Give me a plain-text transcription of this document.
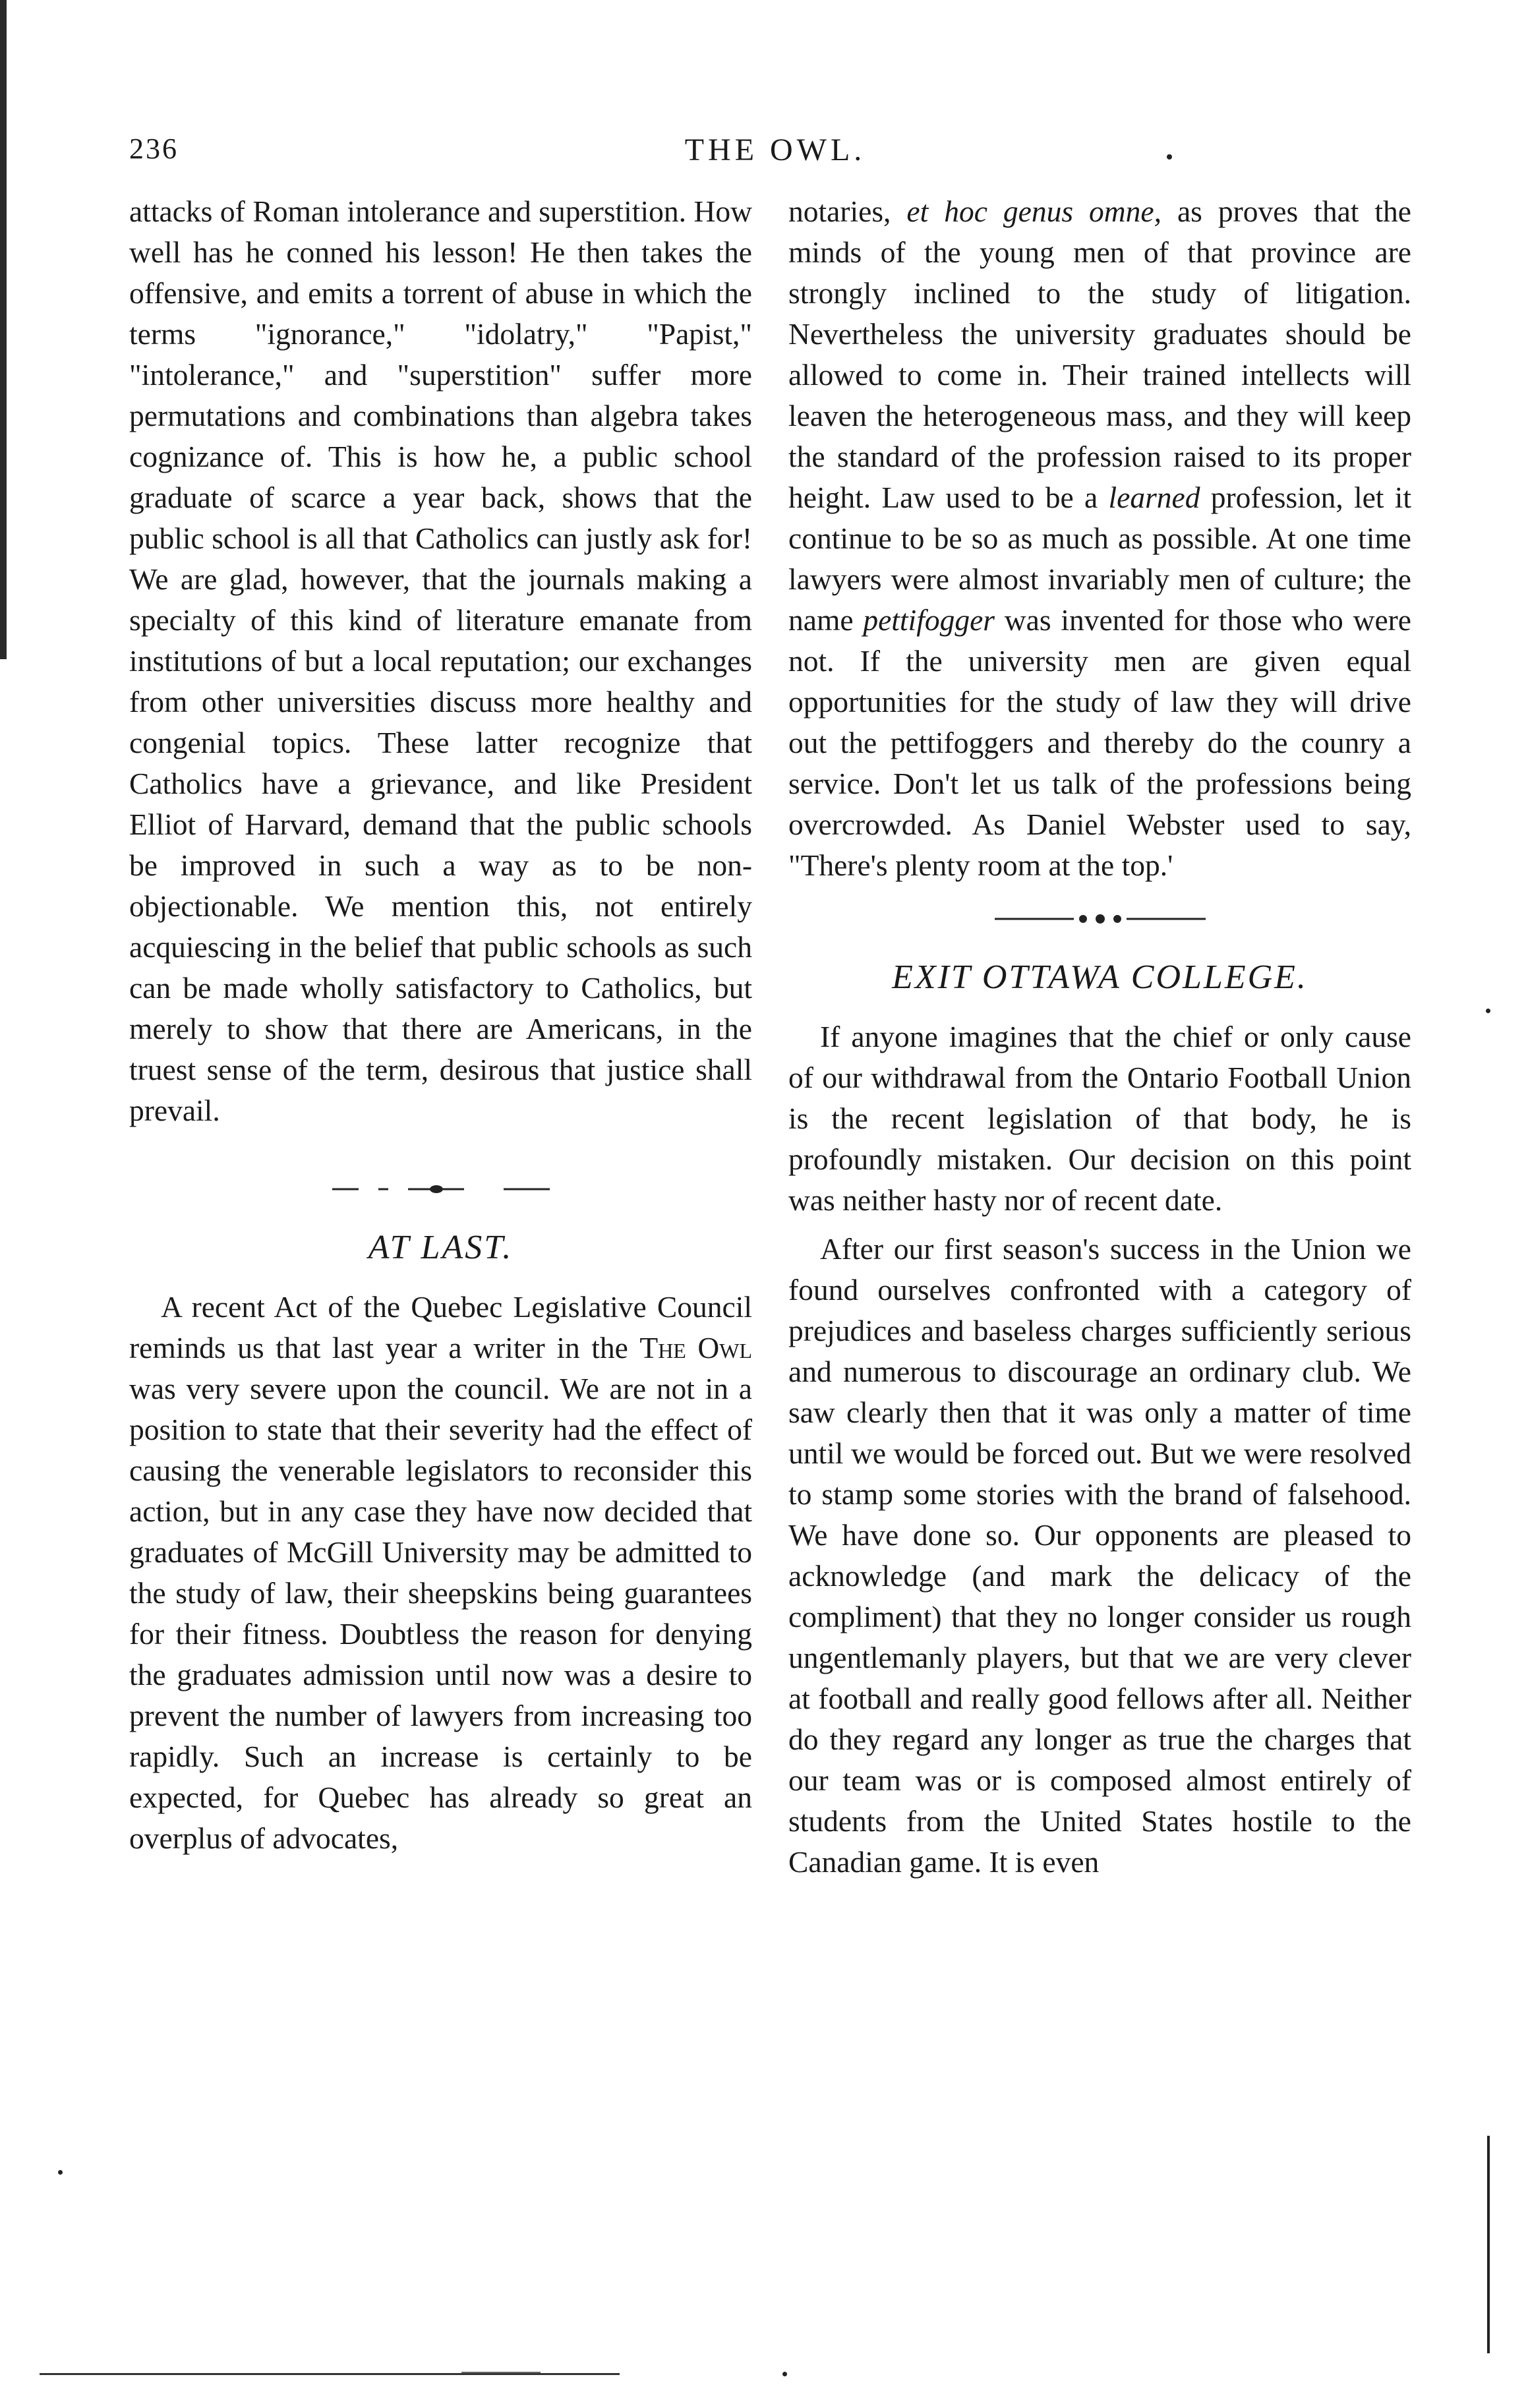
236	THE OWL.

attacks of Roman intolerance and superstition. How well has he conned his lesson! He then takes the offensive, and emits a torrent of abuse in which the terms "ignorance," "idolatry," "Papist," "intolerance," and "superstition" suffer more permutations and combinations than algebra takes cognizance of. This is how he, a public school graduate of scarce a year back, shows that the public school is all that Catholics can justly ask for! We are glad, however, that the journals making a specialty of this kind of literature emanate from institutions of but a local reputation; our exchanges from other universities discuss more healthy and congenial topics. These latter recognize that Catholics have a grievance, and like President Elliot of Harvard, demand that the public schools be improved in such a way as to be non-objectionable. We mention this, not entirely acquiescing in the belief that public schools as such can be made wholly satisfactory to Catholics, but merely to show that there are Americans, in the truest sense of the term, desirous that justice shall prevail.

AT LAST.

A recent Act of the Quebec Legislative Council reminds us that last year a writer in the The Owl was very severe upon the council. We are not in a position to state that their severity had the effect of causing the venerable legislators to reconsider this action, but in any case they have now decided that graduates of McGill University may be admitted to the study of law, their sheepskins being guarantees for their fitness. Doubtless the reason for denying the graduates admission until now was a desire to prevent the number of lawyers from increasing too rapidly. Such an increase is certainly to be expected, for Quebec has already so great an overplus of advocates,

notaries, et hoc genus omne, as proves that the minds of the young men of that province are strongly inclined to the study of litigation. Nevertheless the university graduates should be allowed to come in. Their trained intellects will leaven the heterogeneous mass, and they will keep the standard of the profession raised to its proper height. Law used to be a learned profession, let it continue to be so as much as possible. At one time lawyers were almost invariably men of culture; the name pettifogger was invented for those who were not. If the university men are given equal opportunities for the study of law they will drive out the pettifoggers and thereby do the counry a service. Don't let us talk of the professions being overcrowded. As Daniel Webster used to say, "There's plenty room at the top.'

EXIT OTTAWA COLLEGE.

If anyone imagines that the chief or only cause of our withdrawal from the Ontario Football Union is the recent legislation of that body, he is profoundly mistaken. Our decision on this point was neither hasty nor of recent date.

After our first season's success in the Union we found ourselves confronted with a category of prejudices and baseless charges sufficiently serious and numerous to discourage an ordinary club. We saw clearly then that it was only a matter of time until we would be forced out. But we were resolved to stamp some stories with the brand of falsehood. We have done so. Our opponents are pleased to acknowledge (and mark the delicacy of the compliment) that they no longer consider us rough ungentlemanly players, but that we are very clever at football and really good fellows after all. Neither do they regard any longer as true the charges that our team was or is composed almost entirely of students from the United States hostile to the Canadian game. It is even
